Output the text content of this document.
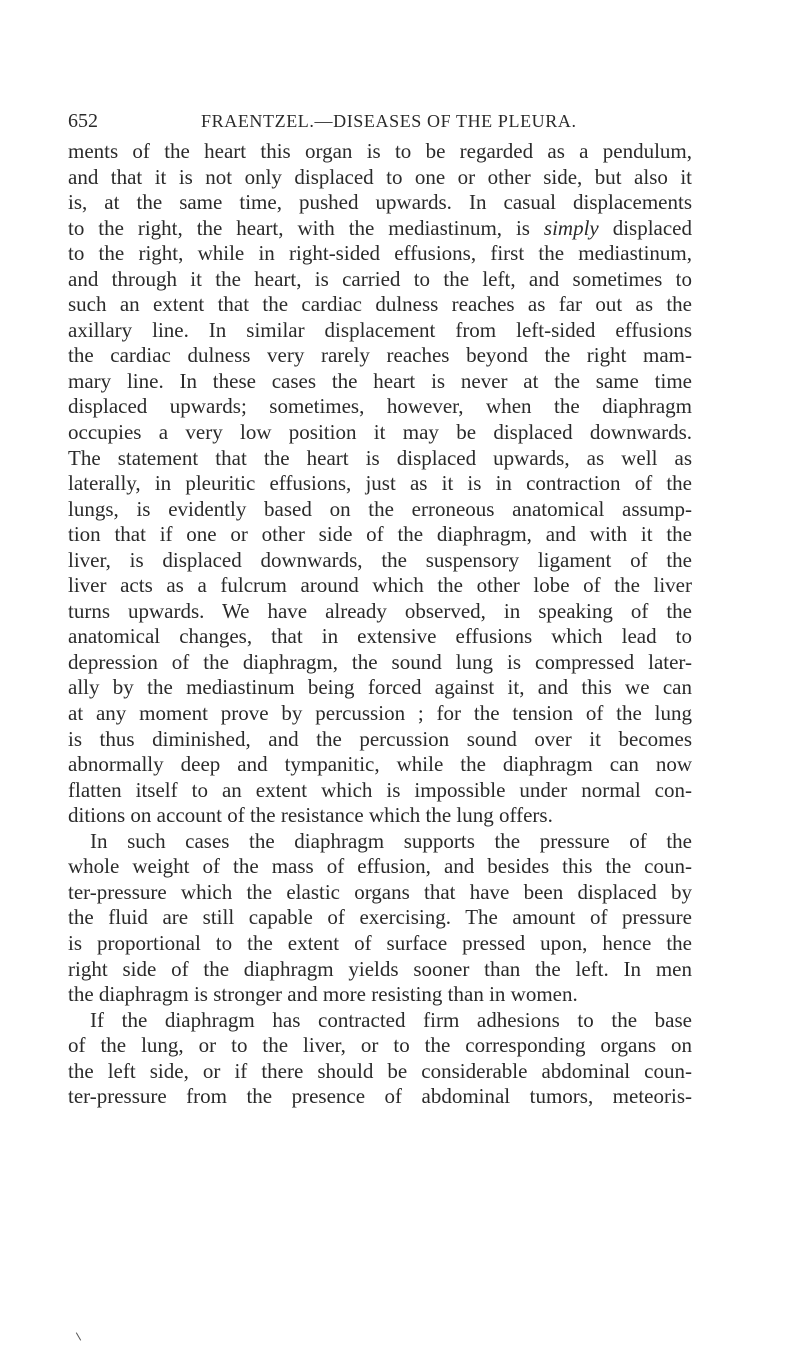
652	FRAENTZEL.—DISEASES OF THE PLEURA.
ments of the heart this organ is to be regarded as a pendulum,
and that it is not only displaced to one or other side, but also it
is, at the same time, pushed upwards. In casual displacements
to the right, the heart, with the mediastinum, is simply displaced
to the right, while in right-sided effusions, first the mediastinum,
and through it the heart, is carried to the left, and sometimes to
such an extent that the cardiac dulness reaches as far out as the
axillary line. In similar displacement from left-sided effusions
the cardiac dulness very rarely reaches beyond the right mam-
mary line. In these cases the heart is never at the same time
displaced upwards; sometimes, however, when the diaphragm
occupies a very low position it may be displaced downwards.
The statement that the heart is displaced upwards, as well as
laterally, in pleuritic effusions, just as it is in contraction of the
lungs, is evidently based on the erroneous anatomical assump-
tion that if one or other side of the diaphragm, and with it the
liver, is displaced downwards, the suspensory ligament of the
liver acts as a fulcrum around which the other lobe of the liver
turns upwards. We have already observed, in speaking of the
anatomical changes, that in extensive effusions which lead to
depression of the diaphragm, the sound lung is compressed later-
ally by the mediastinum being forced against it, and this we can
at any moment prove by percussion ; for the tension of the lung
is thus diminished, and the percussion sound over it becomes
abnormally deep and tympanitic, while the diaphragm can now
flatten itself to an extent which is impossible under normal con-
ditions on account of the resistance which the lung offers.
In such cases the diaphragm supports the pressure of the
whole weight of the mass of effusion, and besides this the coun-
ter-pressure which the elastic organs that have been displaced by
the fluid are still capable of exercising. The amount of pressure
is proportional to the extent of surface pressed upon, hence the
right side of the diaphragm yields sooner than the left. In men
the diaphragm is stronger and more resisting than in women.
If the diaphragm has contracted firm adhesions to the base
of the lung, or to the liver, or to the corresponding organs on
the left side, or if there should be considerable abdominal coun-
ter-pressure from the presence of abdominal tumors, meteoris-
